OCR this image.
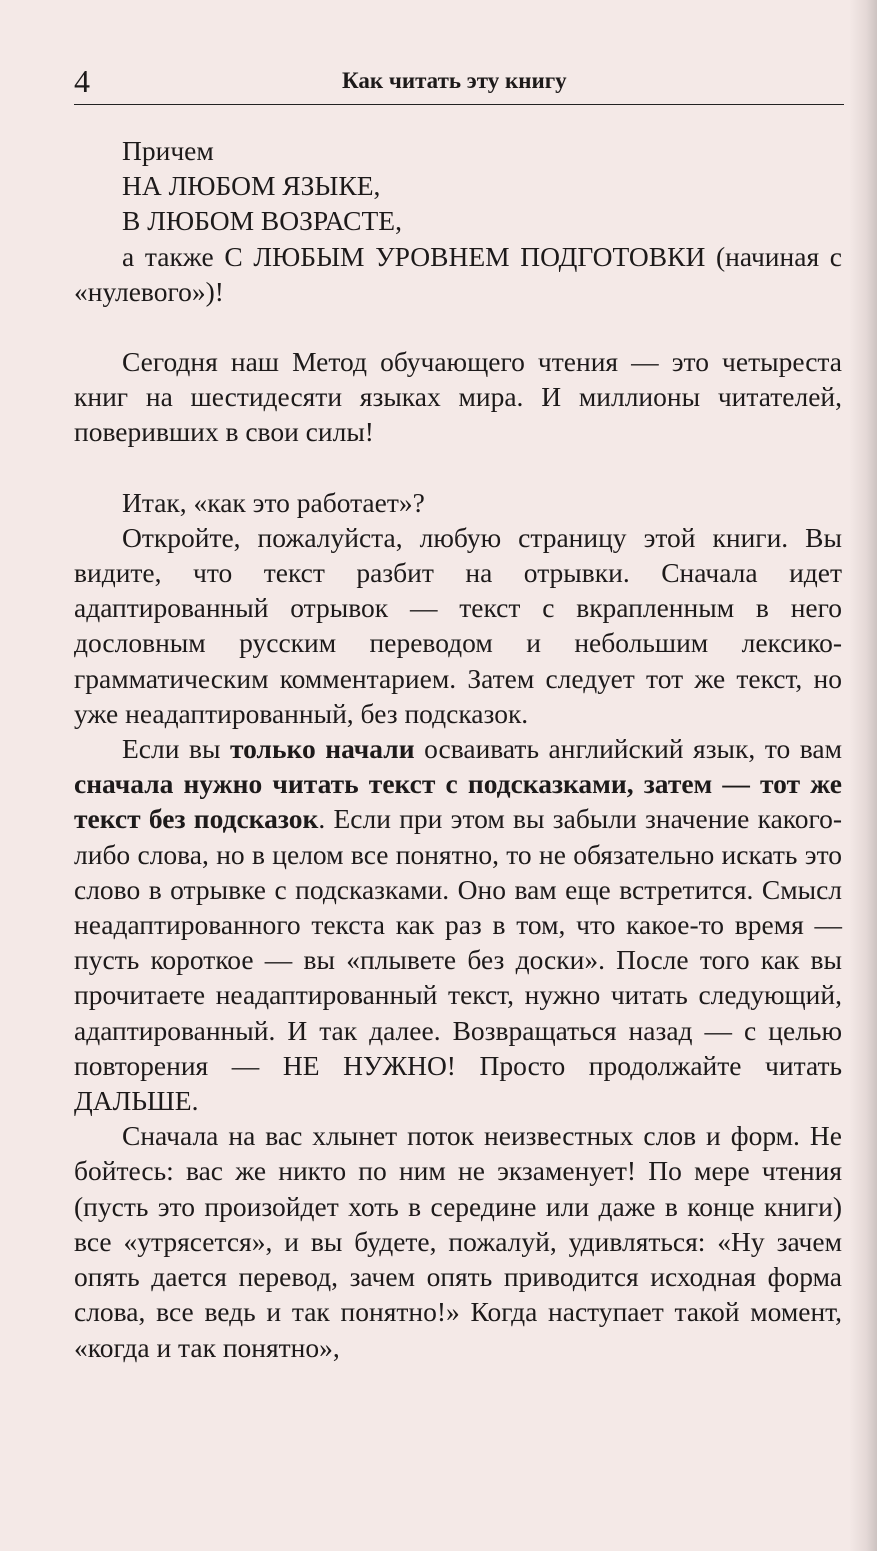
4	Как читать эту книгу

Причем

НА ЛЮБОМ ЯЗЫКЕ,

В ЛЮБОМ ВОЗРАСТЕ,

а также С ЛЮБЫМ УРОВНЕМ ПОДГОТОВКИ (начиная с «нулевого»)!

Сегодня наш Метод обучающего чтения — это четыреста книг на шестидесяти языках мира. И миллионы читателей, поверивших в свои силы!

Итак, «как это работает»?

Откройте, пожалуйста, любую страницу этой книги. Вы видите, что текст разбит на отрывки. Сначала идет адаптированный отрывок — текст с вкрапленным в него дословным русским переводом и небольшим лексико-грамматическим комментарием. Затем следует тот же текст, но уже неадаптированный, без подсказок.

Если вы только начали осваивать английский язык, то вам сначала нужно читать текст с подсказками, затем — тот же текст без подсказок. Если при этом вы забыли значение какого-либо слова, но в целом все понятно, то не обязательно искать это слово в отрывке с подсказками. Оно вам еще встретится. Смысл неадаптированного текста как раз в том, что какое-то время — пусть короткое — вы «плывете без доски». После того как вы прочитаете неадаптированный текст, нужно читать следующий, адаптированный. И так далее. Возвращаться назад — с целью повторения — НЕ НУЖНО! Просто продолжайте читать ДАЛЬШЕ.

Сначала на вас хлынет поток неизвестных слов и форм. Не бойтесь: вас же никто по ним не экзаменует! По мере чтения (пусть это произойдет хоть в середине или даже в конце книги) все «утрясется», и вы будете, пожалуй, удивляться: «Ну зачем опять дается перевод, зачем опять приводится исходная форма слова, все ведь и так понятно!» Когда наступает такой момент, «когда и так понятно»,
